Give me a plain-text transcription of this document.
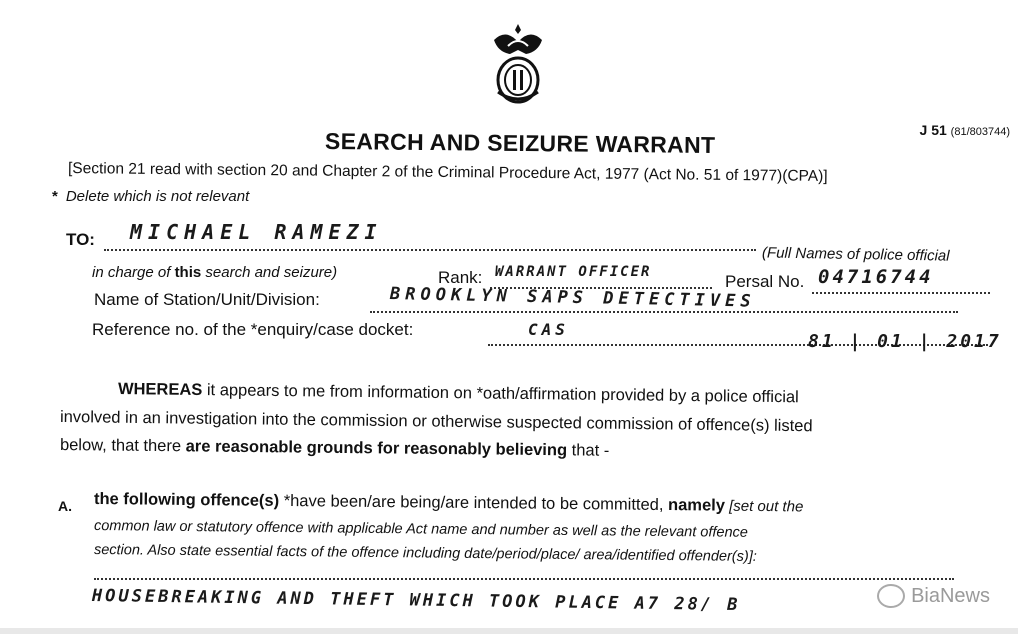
J 51 (81/803744)
SEARCH AND SEIZURE WARRANT
[Section 21 read with section 20 and Chapter 2 of the Criminal Procedure Act, 1977 (Act No. 51 of 1977)(CPA)]
* Delete which is not relevant
TO: MICHAEL RAMEZI
(Full Names of police official
in charge of this search and seizure)	Rank: WARRANT OFFICER	Persal No. 04716744
Name of Station/Unit/Division:	BROOKLYN SAPS DETECTIVES
Reference no. of the *enquiry/case docket:	CAS
81 | 01 | 2017
WHEREAS it appears to me from information on *oath/affirmation provided by a police official
involved in an investigation into the commission or otherwise suspected commission of offence(s) listed
below, that there are reasonable grounds for reasonably believing that -
A. the following offence(s) *have been/are being/are intended to be committed, namely [set out the
common law or statutory offence with applicable Act name and number as well as the relevant offence
section. Also state essential facts of the offence including date/period/place/ area/identified offender(s)]:
HOUSEBREAKING AND THEFT WHICH TOOK PLACE A7 28/ B	BiaNews
